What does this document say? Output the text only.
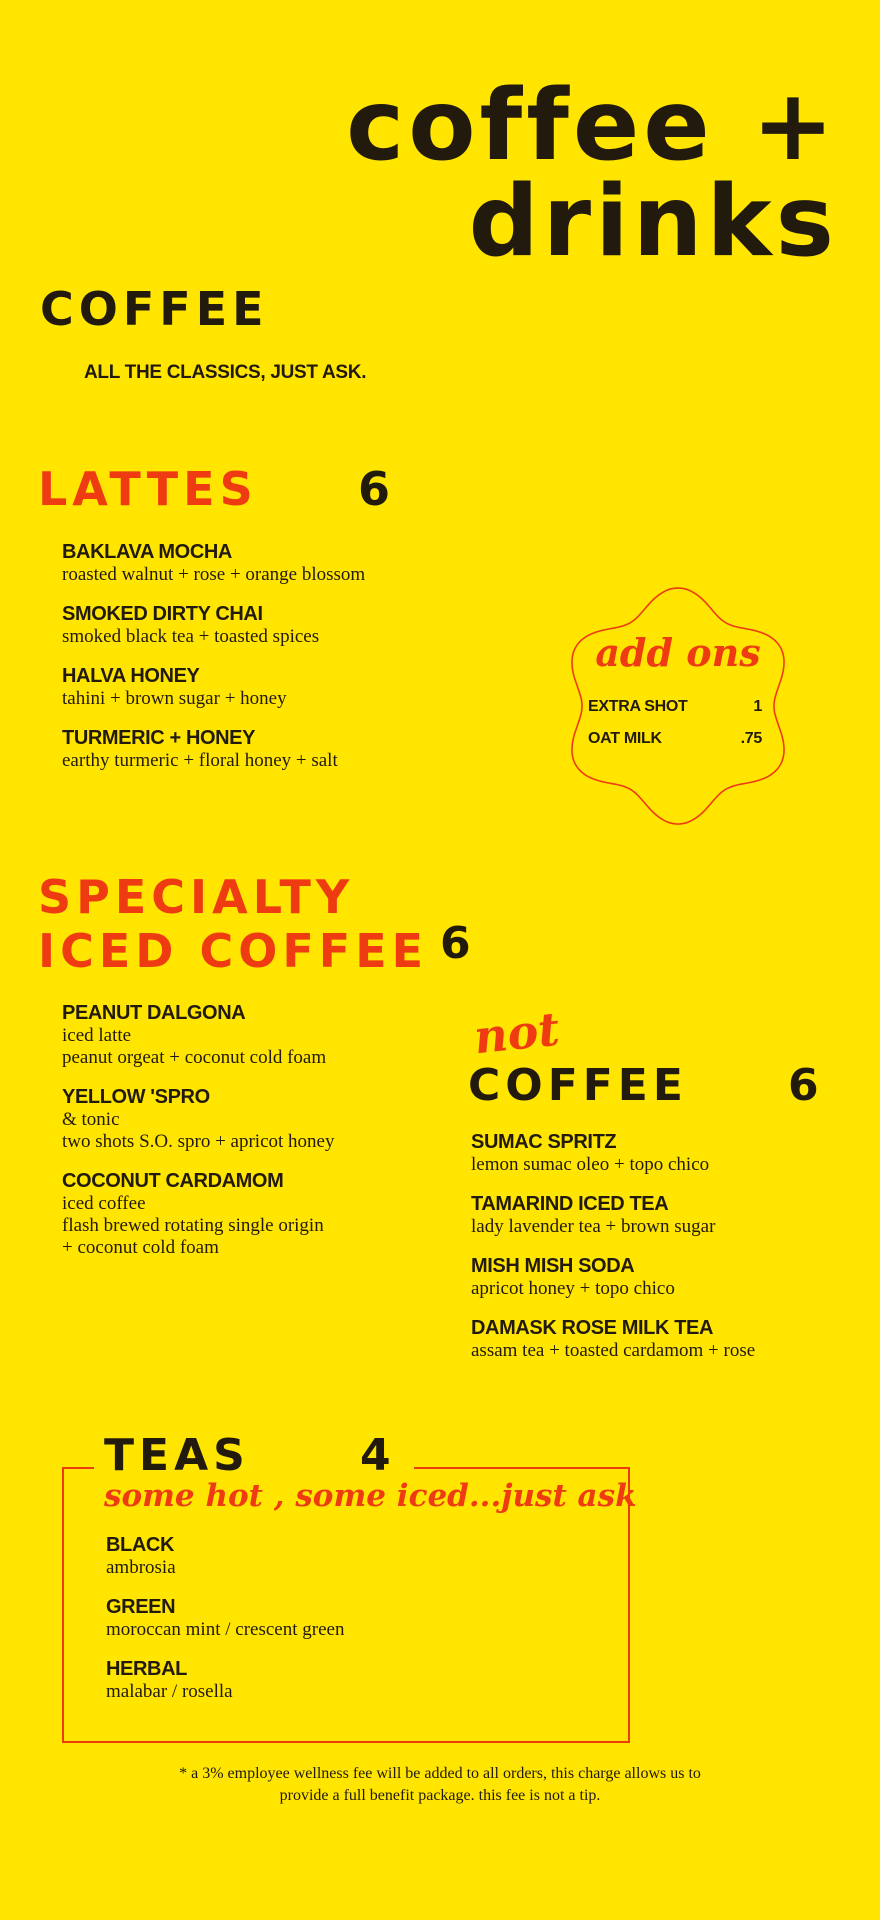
coffee +
drinks
COFFEE
ALL THE CLASSICS, JUST ASK.
LATTES 6
BAKLAVA MOCHA
roasted walnut + rose + orange blossom
SMOKED DIRTY CHAI
smoked black tea + toasted spices
HALVA HONEY
tahini + brown sugar + honey
TURMERIC + HONEY
earthy turmeric + floral honey + salt
add ons
EXTRA SHOT	1
OAT MILK	.75
SPECIALTY
ICED COFFEE 6
PEANUT DALGONA
iced latte
peanut orgeat + coconut cold foam
YELLOW 'SPRO
& tonic
two shots S.O. spro + apricot honey
COCONUT CARDAMOM
iced coffee
flash brewed rotating single origin
+ coconut cold foam
not
COFFEE 6
SUMAC SPRITZ
lemon sumac oleo + topo chico
TAMARIND ICED TEA
lady lavender tea + brown sugar
MISH MISH SODA
apricot honey + topo chico
DAMASK ROSE MILK TEA
assam tea + toasted cardamom + rose
TEAS	4
some hot , some iced...just ask
BLACK
ambrosia
GREEN
moroccan mint / crescent green
HERBAL
malabar / rosella
* a 3% employee wellness fee will be added to all orders, this charge allows us to
provide a full benefit package. this fee is not a tip.
